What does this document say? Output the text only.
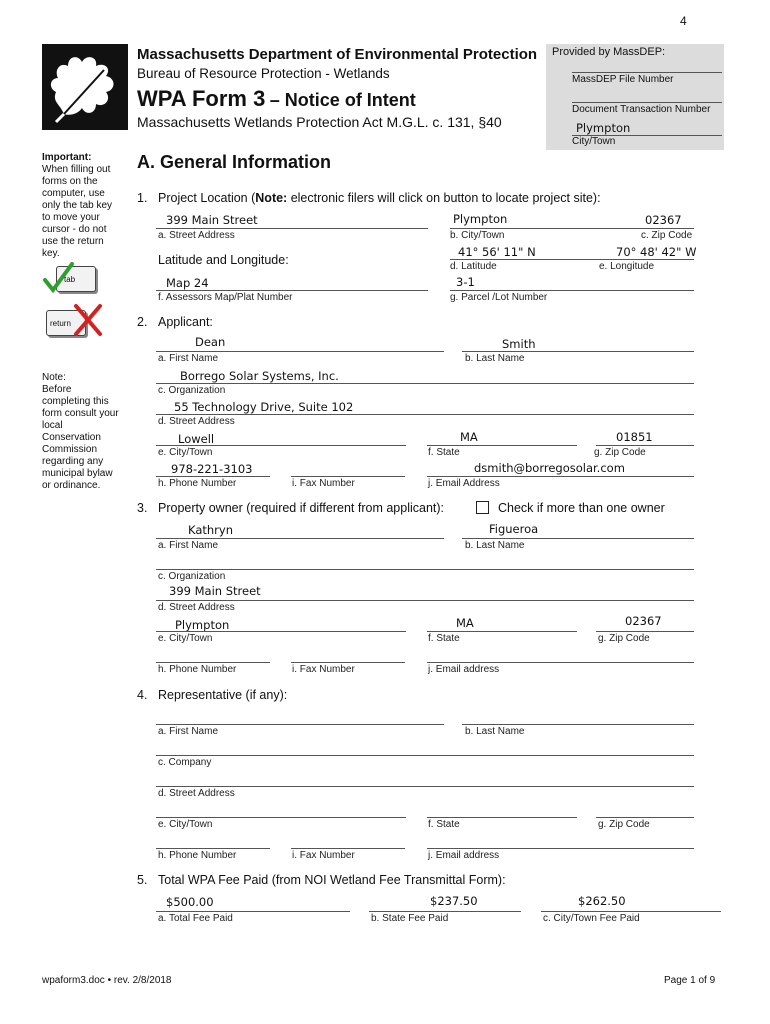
4
Massachusetts Department of Environmental Protection
Bureau of Resource Protection - Wetlands
WPA Form 3 – Notice of Intent
Massachusetts Wetlands Protection Act M.G.L. c. 131, §40
Provided by MassDEP:
MassDEP File Number
Document Transaction Number
Plympton
City/Town
Important:
When filling out forms on the computer, use only the tab key to move your cursor - do not use the return key.
tab
return
Note:
Before completing this form consult your local Conservation Commission regarding any municipal bylaw or ordinance.
A. General Information
1. Project Location (Note: electronic filers will click on button to locate project site):
399 Main Street
a. Street Address
Plympton
b. City/Town
02367
c. Zip Code
Latitude and Longitude:
41° 56' 11" N
d. Latitude
70° 48' 42" W
e. Longitude
Map 24
f. Assessors Map/Plat Number
3-1
g. Parcel /Lot Number
2. Applicant:
Dean
a. First Name
Smith
b. Last Name
Borrego Solar Systems, Inc.
c. Organization
55 Technology Drive, Suite 102
d. Street Address
Lowell
e. City/Town
MA
f. State
01851
g. Zip Code
978-221-3103
h. Phone Number	i. Fax Number
dsmith@borregosolar.com
j. Email Address
3. Property owner (required if different from applicant):	Check if more than one owner
Kathryn
a. First Name
Figueroa
b. Last Name
c. Organization
399 Main Street
d. Street Address
Plympton
e. City/Town
MA
f. State
02367
g. Zip Code
h. Phone Number	i. Fax Number	j. Email address
4. Representative (if any):
a. First Name	b. Last Name
c. Company
d. Street Address
e. City/Town	f. State	g. Zip Code
h. Phone Number	i. Fax Number	j. Email address
5. Total WPA Fee Paid (from NOI Wetland Fee Transmittal Form):
$500.00
a. Total Fee Paid
$237.50
b. State Fee Paid
$262.50
c. City/Town Fee Paid
wpaform3.doc • rev. 2/8/2018	Page 1 of 9
